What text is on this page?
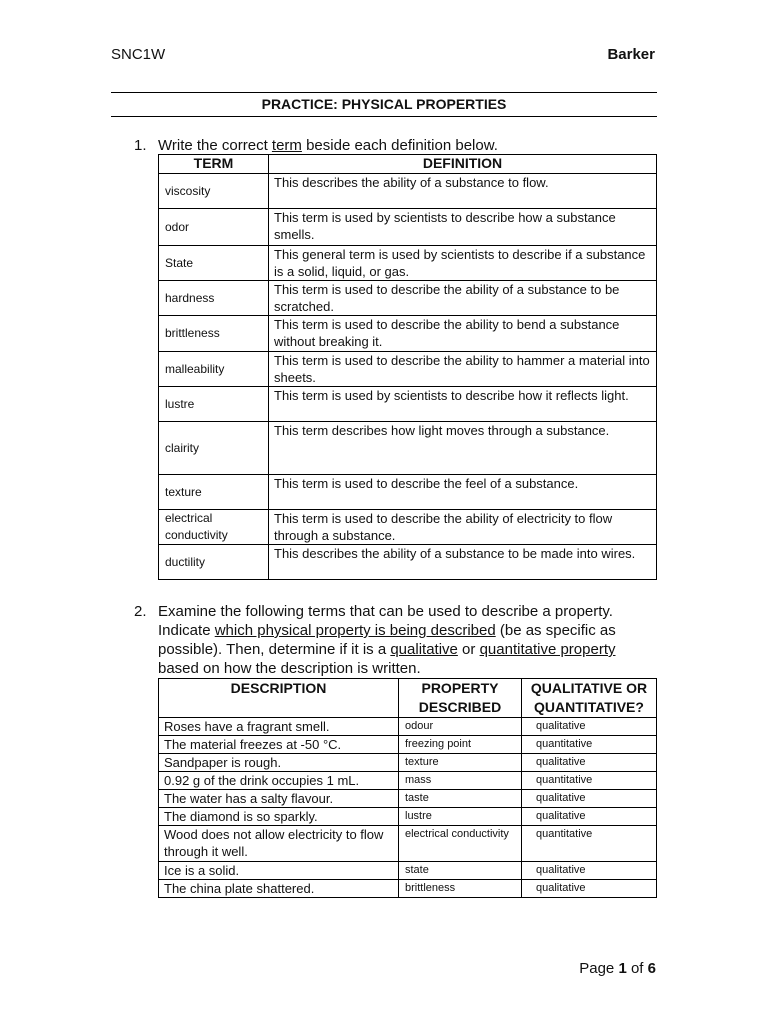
SNC1W	Barker
PRACTICE: PHYSICAL PROPERTIES
1. Write the correct term beside each definition below.
TERM	DEFINITION
viscosity	This describes the ability of a substance to flow.
odor	This term is used by scientists to describe how a substance smells.
State	This general term is used by scientists to describe if a substance is a solid, liquid, or gas.
hardness	This term is used to describe the ability of a substance to be scratched.
brittleness	This term is used to describe the ability to bend a substance without breaking it.
malleability	This term is used to describe the ability to hammer a material into sheets.
lustre	This term is used by scientists to describe how it reflects light.
clairity	This term describes how light moves through a substance.
texture	This term is used to describe the feel of a substance.
electrical conductivity	This term is used to describe the ability of electricity to flow through a substance.
ductility	This describes the ability of a substance to be made into wires.
2. Examine the following terms that can be used to describe a property. Indicate which physical property is being described (be as specific as possible). Then, determine if it is a qualitative or quantitative property based on how the description is written.
DESCRIPTION	PROPERTY DESCRIBED	QUALITATIVE OR QUANTITATIVE?
Roses have a fragrant smell.	odour	qualitative
The material freezes at -50 °C.	freezing point	quantitative
Sandpaper is rough.	texture	qualitative
0.92 g of the drink occupies 1 mL.	mass	quantitative
The water has a salty flavour.	taste	qualitative
The diamond is so sparkly.	lustre	qualitative
Wood does not allow electricity to flow through it well.	electrical conductivity	quantitative
Ice is a solid.	state	qualitative
The china plate shattered.	brittleness	qualitative
Page 1 of 6
